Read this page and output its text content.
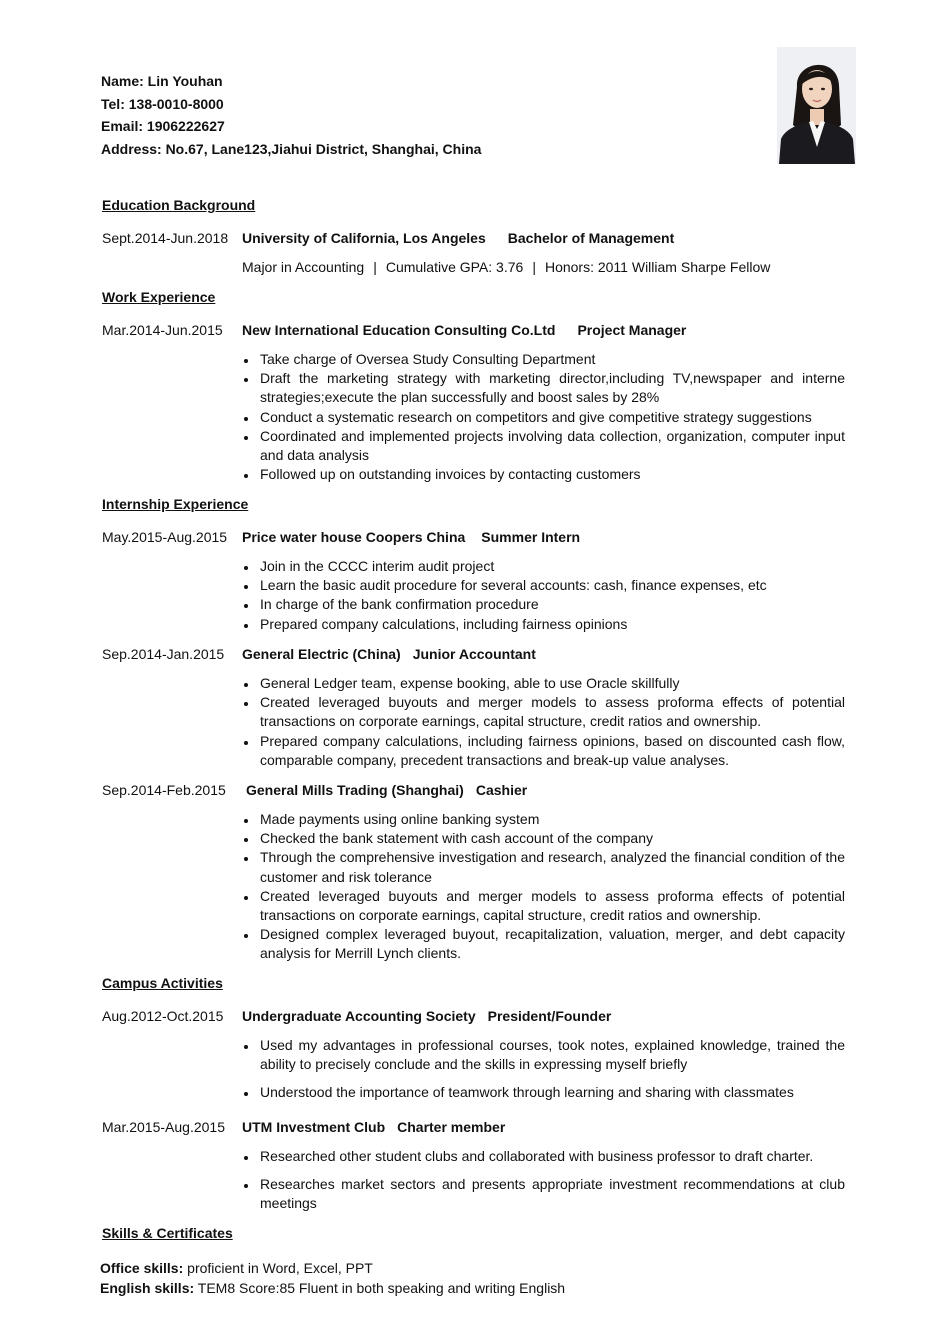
Name: Lin Youhan
Tel: 138-0010-8000
Email: 1906222627
Address: No.67, Lane123,Jiahui District, Shanghai, China
Education Background
Sept.2014-Jun.2018 University of California, Los Angeles Bachelor of Management
Major in Accounting | Cumulative GPA: 3.76 | Honors: 2011 William Sharpe Fellow
Work Experience
Mar.2014-Jun.2015 New International Education Consulting Co.Ltd Project Manager
Take charge of Oversea Study Consulting Department
Draft the marketing strategy with marketing director,including TV,newspaper and interne strategies;execute the plan successfully and boost sales by 28%
Conduct a systematic research on competitors and give competitive strategy suggestions
Coordinated and implemented projects involving data collection, organization, computer input and data analysis
Followed up on outstanding invoices by contacting customers
Internship Experience
May.2015-Aug.2015 Price water house Coopers China Summer Intern
Join in the CCCC interim audit project
Learn the basic audit procedure for several accounts: cash, finance expenses, etc
In charge of the bank confirmation procedure
Prepared company calculations, including fairness opinions
Sep.2014-Jan.2015 General Electric (China) Junior Accountant
General Ledger team, expense booking, able to use Oracle skillfully
Created leveraged buyouts and merger models to assess proforma effects of potential transactions on corporate earnings, capital structure, credit ratios and ownership.
Prepared company calculations, including fairness opinions, based on discounted cash flow, comparable company, precedent transactions and break-up value analyses.
Sep.2014-Feb.2015 General Mills Trading (Shanghai) Cashier
Made payments using online banking system
Checked the bank statement with cash account of the company
Through the comprehensive investigation and research, analyzed the financial condition of the customer and risk tolerance
Created leveraged buyouts and merger models to assess proforma effects of potential transactions on corporate earnings, capital structure, credit ratios and ownership.
Designed complex leveraged buyout, recapitalization, valuation, merger, and debt capacity analysis for Merrill Lynch clients.
Campus Activities
Aug.2012-Oct.2015 Undergraduate Accounting Society President/Founder
Used my advantages in professional courses, took notes, explained knowledge, trained the ability to precisely conclude and the skills in expressing myself briefly
Understood the importance of teamwork through learning and sharing with classmates
Mar.2015-Aug.2015 UTM Investment Club Charter member
Researched other student clubs and collaborated with business professor to draft charter.
Researches market sectors and presents appropriate investment recommendations at club meetings
Skills & Certificates
Office skills: proficient in Word, Excel, PPT
English skills: TEM8 Score:85 Fluent in both speaking and writing English
